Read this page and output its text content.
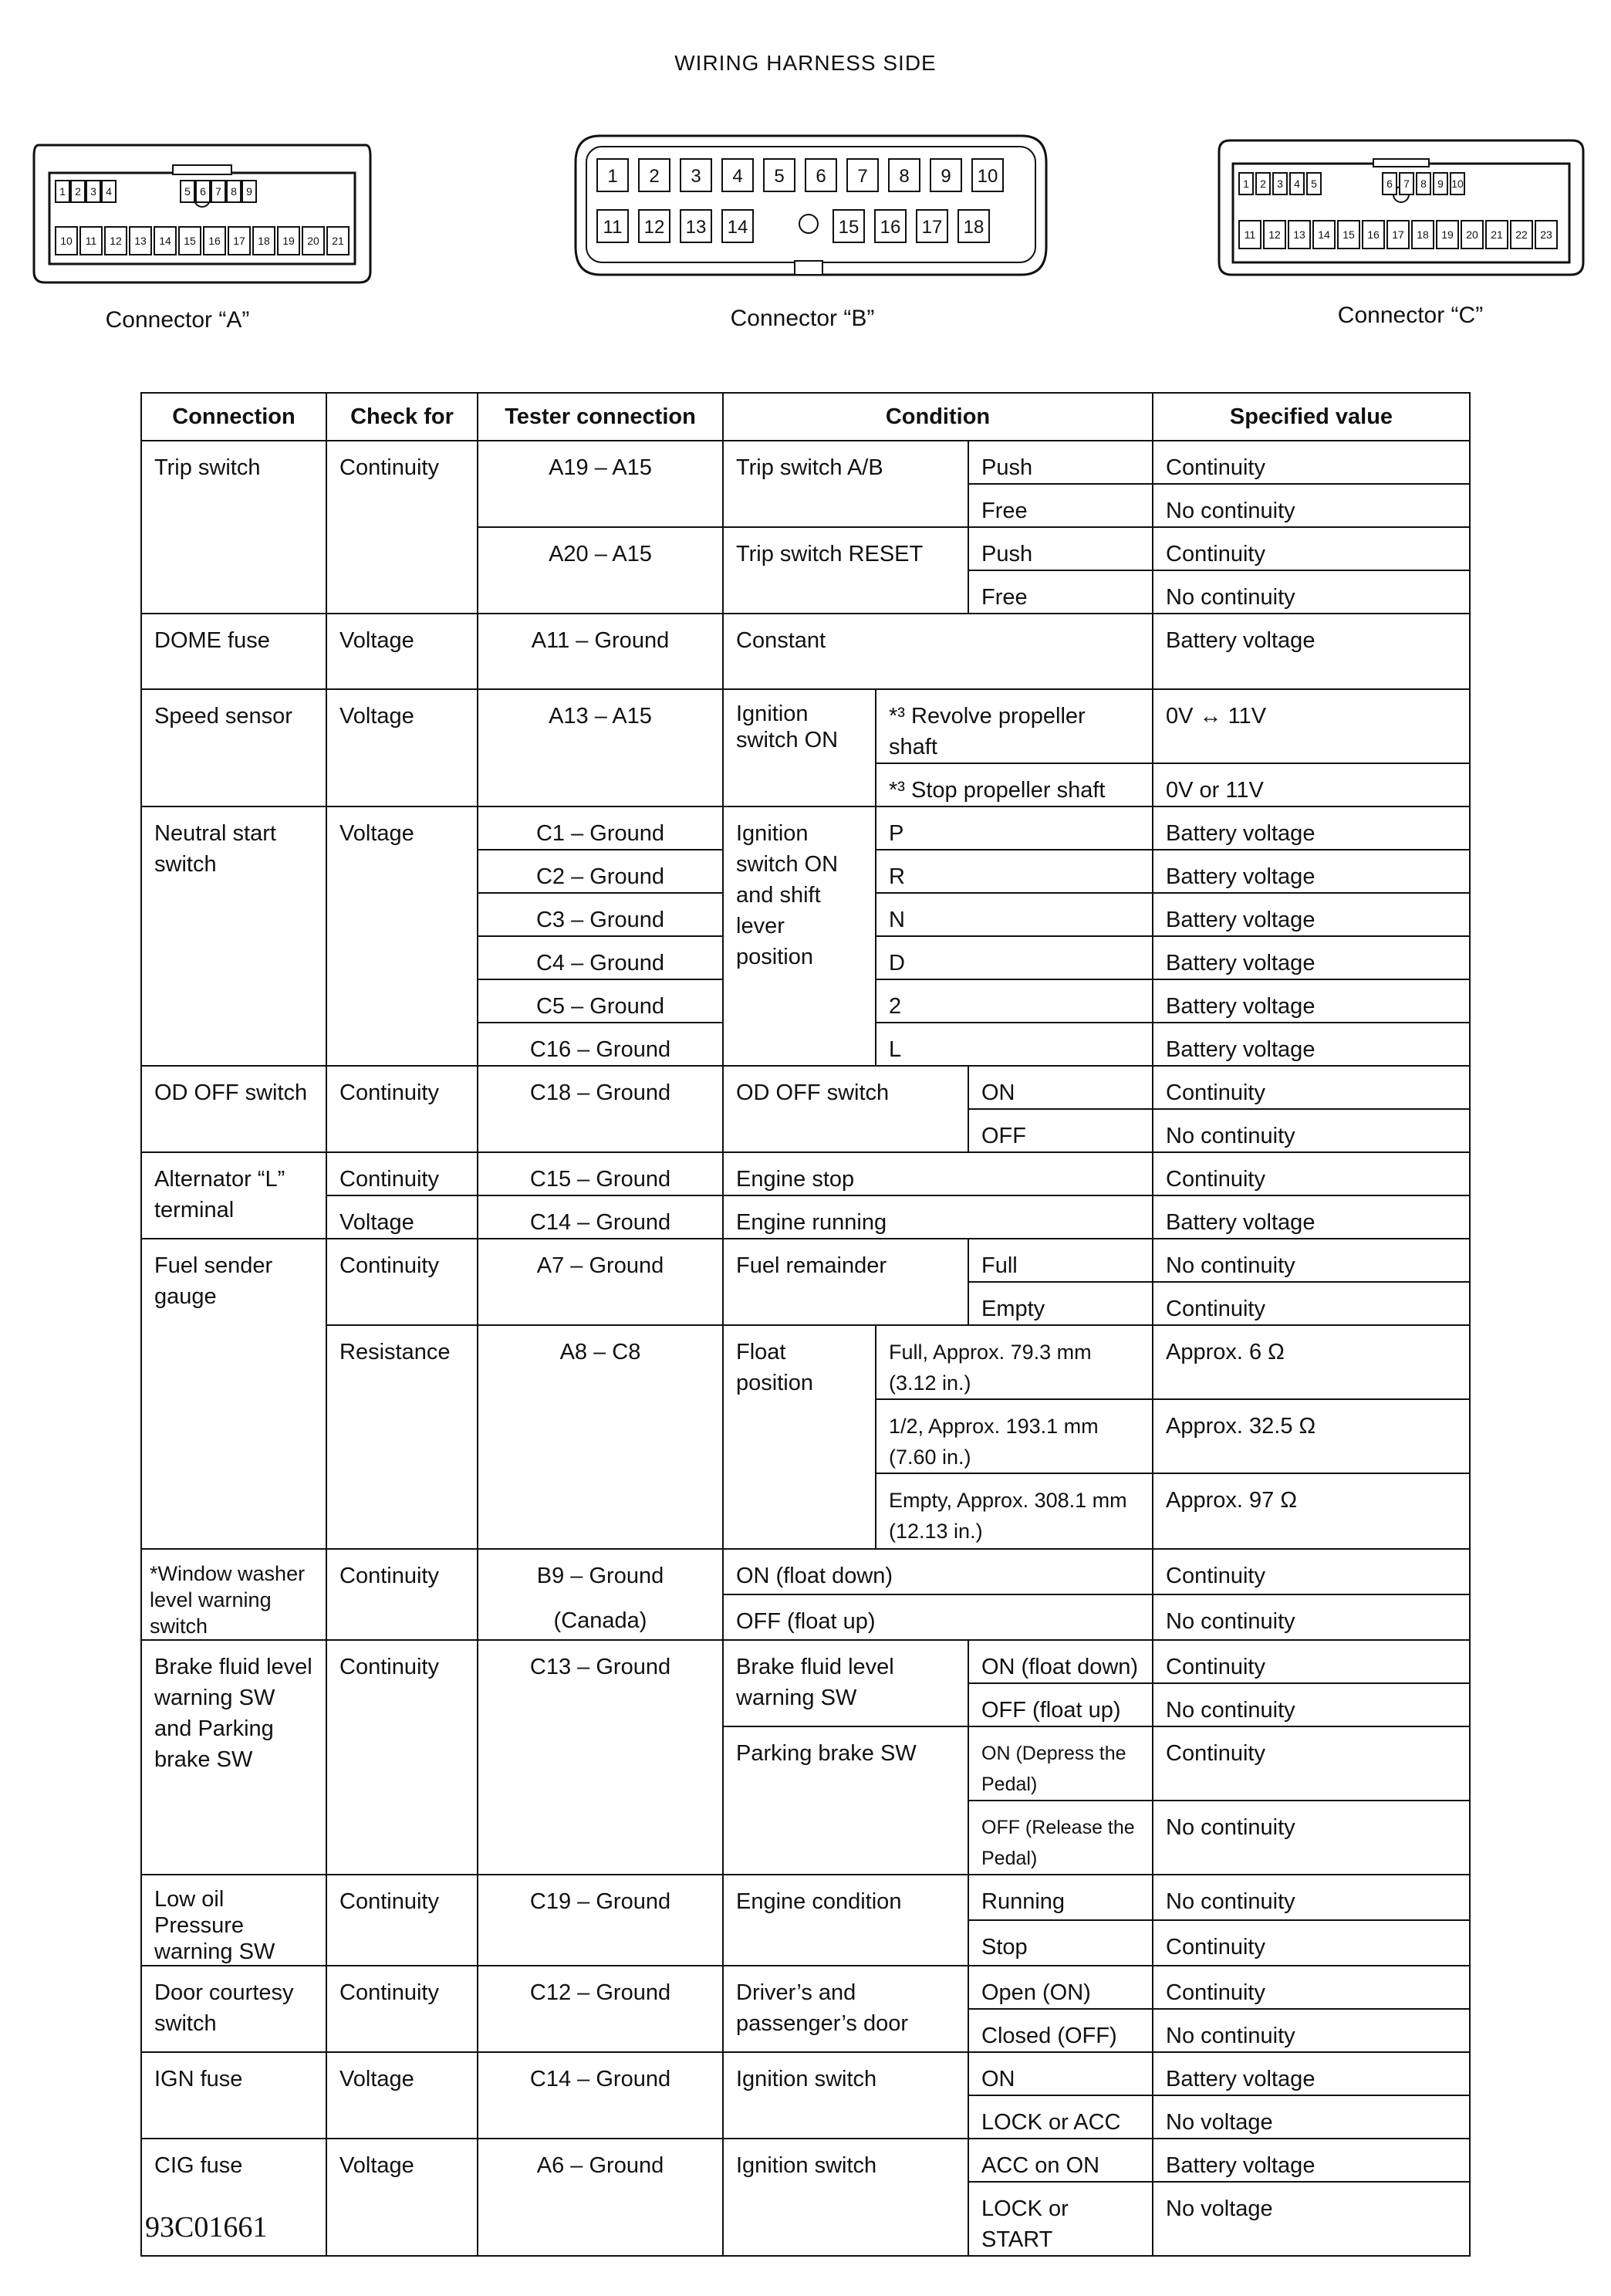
WIRING HARNESS SIDE
1 2 3 4	5 6 7 8 9
10 11 12 13 14 15 16 17 18 19 20 21
Connector “A”
1 2 3 4 5 6 7 8 9 10
11 12 13 14	15 16 17 18
Connector “B”
1 2 3 4 5	6 7 8 9 10
11 12 13 14 15 16 17 18 19 20 21 22 23
Connector “C”
Connection	Check for	Tester connection	Condition			Specified value
Trip switch	Continuity	A19 – A15	Trip switch A/B		Push	Continuity
					Free	No continuity
		A20 – A15	Trip switch RESET		Push	Continuity
					Free	No continuity
DOME fuse	Voltage	A11 – Ground	Constant			Battery voltage
Speed sensor	Voltage	A13 – A15	Ignition switch ON	*³ Revolve propeller shaft		0V ↔ 11V
				*³ Stop propeller shaft		0V or 11V
Neutral start switch	Voltage	C1 – Ground	Ignition switch ON and shift lever position	P		Battery voltage
		C2 – Ground		R		Battery voltage
		C3 – Ground		N		Battery voltage
		C4 – Ground		D		Battery voltage
		C5 – Ground		2		Battery voltage
		C16 – Ground		L		Battery voltage
OD OFF switch	Continuity	C18 – Ground	OD OFF switch		ON	Continuity
					OFF	No continuity
Alternator “L” terminal	Continuity	C15 – Ground	Engine stop			Continuity
	Voltage	C14 – Ground	Engine running			Battery voltage
Fuel sender gauge	Continuity	A7 – Ground	Fuel remainder		Full	No continuity
					Empty	Continuity
	Resistance	A8 – C8	Float position	Full, Approx. 79.3 mm (3.12 in.)		Approx. 6 Ω
				1/2, Approx. 193.1 mm (7.60 in.)		Approx. 32.5 Ω
				Empty, Approx. 308.1 mm (12.13 in.)		Approx. 97 Ω
*Window washer level warning switch	Continuity	B9 – Ground	ON (float down)			Continuity
		(Canada)	OFF (float up)			No continuity
Brake fluid level warning SW and Parking brake SW	Continuity	C13 – Ground	Brake fluid level warning SW		ON (float down)	Continuity
					OFF (float up)	No continuity
			Parking brake SW		ON (Depress the Pedal)	Continuity
					OFF (Release the Pedal)	No continuity
Low oil Pressure warning SW	Continuity	C19 – Ground	Engine condition		Running	No continuity
					Stop	Continuity
Door courtesy switch	Continuity	C12 – Ground	Driver’s and passenger’s door		Open (ON)	Continuity
					Closed (OFF)	No continuity
IGN fuse	Voltage	C14 – Ground	Ignition switch		ON	Battery voltage
					LOCK or ACC	No voltage
CIG fuse	Voltage	A6 – Ground	Ignition switch		ACC on ON	Battery voltage
					LOCK or START	No voltage
93C01661
